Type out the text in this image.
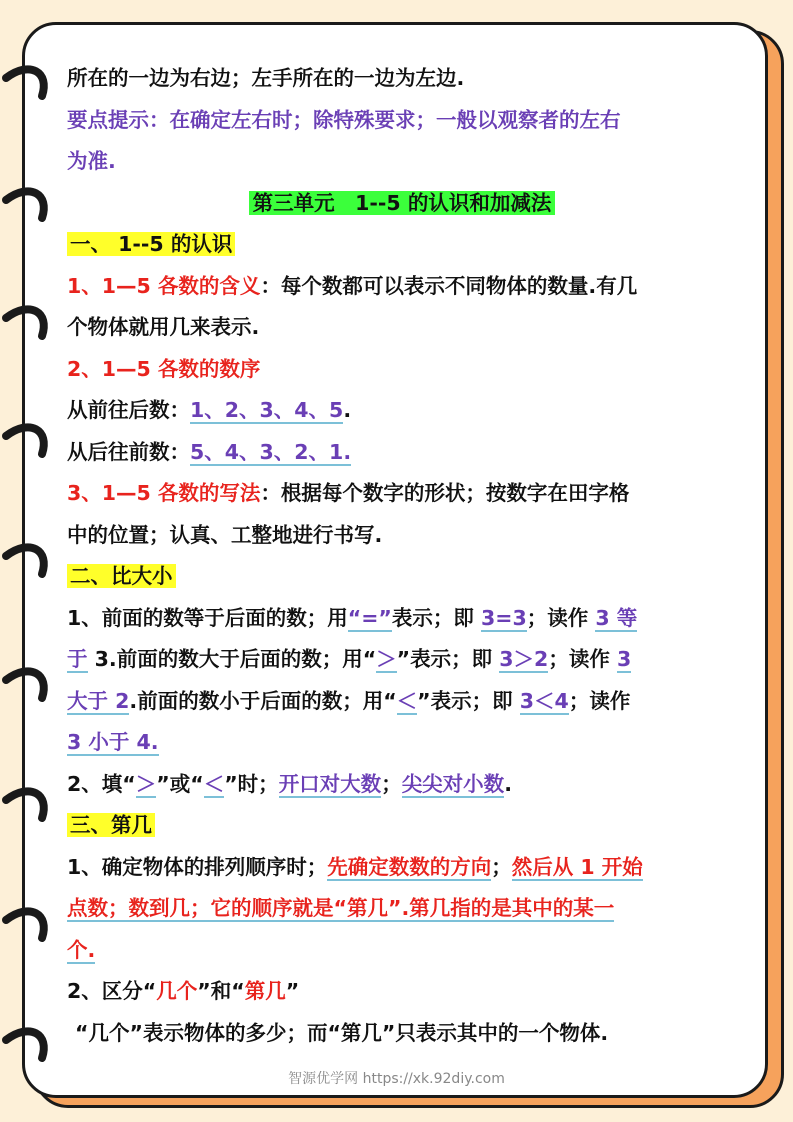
所在的一边为右边；左手所在的一边为左边.
要点提示：在确定左右时；除特殊要求；一般以观察者的左右
为准.
第三单元　1--5 的认识和加减法
一、 1--5 的认识
1、1—5 各数的含义：每个数都可以表示不同物体的数量.有几
个物体就用几来表示.
2、1—5 各数的数序
从前往后数：1、2、3、4、5.
从后往前数：5、4、3、2、1.
3、1—5 各数的写法：根据每个数字的形状；按数字在田字格
中的位置；认真、工整地进行书写.
二、比大小
1、前面的数等于后面的数；用“=”表示；即 3=3；读作 3 等
于 3.前面的数大于后面的数；用“＞”表示；即 3＞2；读作 3
大于 2.前面的数小于后面的数；用“＜”表示；即 3＜4；读作
3 小于 4.
2、填“＞”或“＜”时；开口对大数；尖尖对小数.
三、第几
1、确定物体的排列顺序时；先确定数数的方向；然后从 1 开始
点数；数到几；它的顺序就是“第几”.第几指的是其中的某一
个.
2、区分“几个”和“第几”
“几个”表示物体的多少；而“第几”只表示其中的一个物体.
智源优学网 https://xk.92diy.com
